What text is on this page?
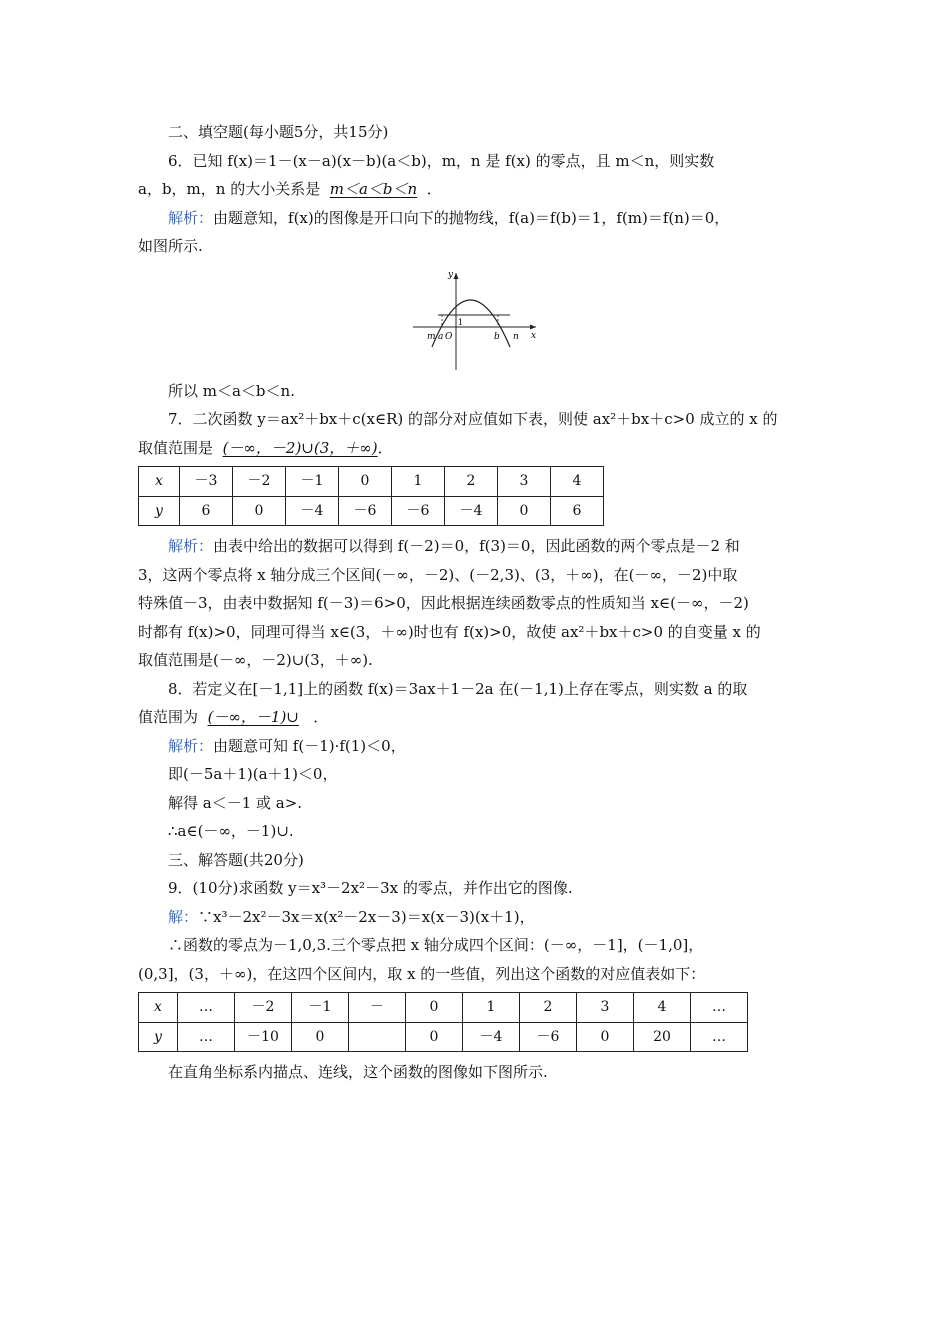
二、填空题(每小题5分，共15分)

6．已知 f(x)＝1－(x－a)(x－b)(a＜b)，m，n 是 f(x) 的零点，且 m＜n，则实数

a，b，m，n 的大小关系是 m＜a＜b＜n ．

解析：由题意知，f(x)的图像是开口向下的抛物线，f(a)＝f(b)＝1，f(m)＝f(n)＝0，

如图所示.

y
x
1
m a O	b n

所以 m＜a＜b＜n.

7．二次函数 y＝ax²＋bx＋c(x∈R) 的部分对应值如下表，则使 ax²＋bx＋c>0 成立的 x 的

取值范围是 (－∞，－2)∪(3，＋∞)．

x	－3	－2	－1	0	1	2	3	4
y	6	0	－4	－6	－6	－4	0	6

解析：由表中给出的数据可以得到 f(－2)＝0，f(3)＝0，因此函数的两个零点是－2 和

3，这两个零点将 x 轴分成三个区间(－∞，－2)、(－2,3)、(3，＋∞)，在(－∞，－2)中取

特殊值－3，由表中数据知 f(－3)＝6>0，因此根据连续函数零点的性质知当 x∈(－∞，－2)

时都有 f(x)>0，同理可得当 x∈(3，＋∞)时也有 f(x)>0，故使 ax²＋bx＋c>0 的自变量 x 的

取值范围是(－∞，－2)∪(3，＋∞).

8．若定义在[－1,1]上的函数 f(x)＝3ax＋1－2a 在(－1,1)上存在零点，则实数 a 的取

值范围为 (－∞，－1)∪ ．

解析：由题意可知 f(－1)·f(1)＜0，

即(－5a＋1)(a＋1)＜0，

解得 a＜－1 或 a>.

∴a∈(－∞，－1)∪.

三、解答题(共20分)

9．(10分)求函数 y＝x³－2x²－3x 的零点，并作出它的图像.

解：∵x³－2x²－3x＝x(x²－2x－3)＝x(x－3)(x＋1)，

∴函数的零点为－1,0,3.三个零点把 x 轴分成四个区间：(－∞，－1]，(－1,0]，

(0,3]，(3，＋∞)，在这四个区间内，取 x 的一些值，列出这个函数的对应值表如下：

x	…	－2	－1	－	0	1	2	3	4	…
y	…	－10	0		0	－4	－6	0	20	…

在直角坐标系内描点、连线，这个函数的图像如下图所示.
